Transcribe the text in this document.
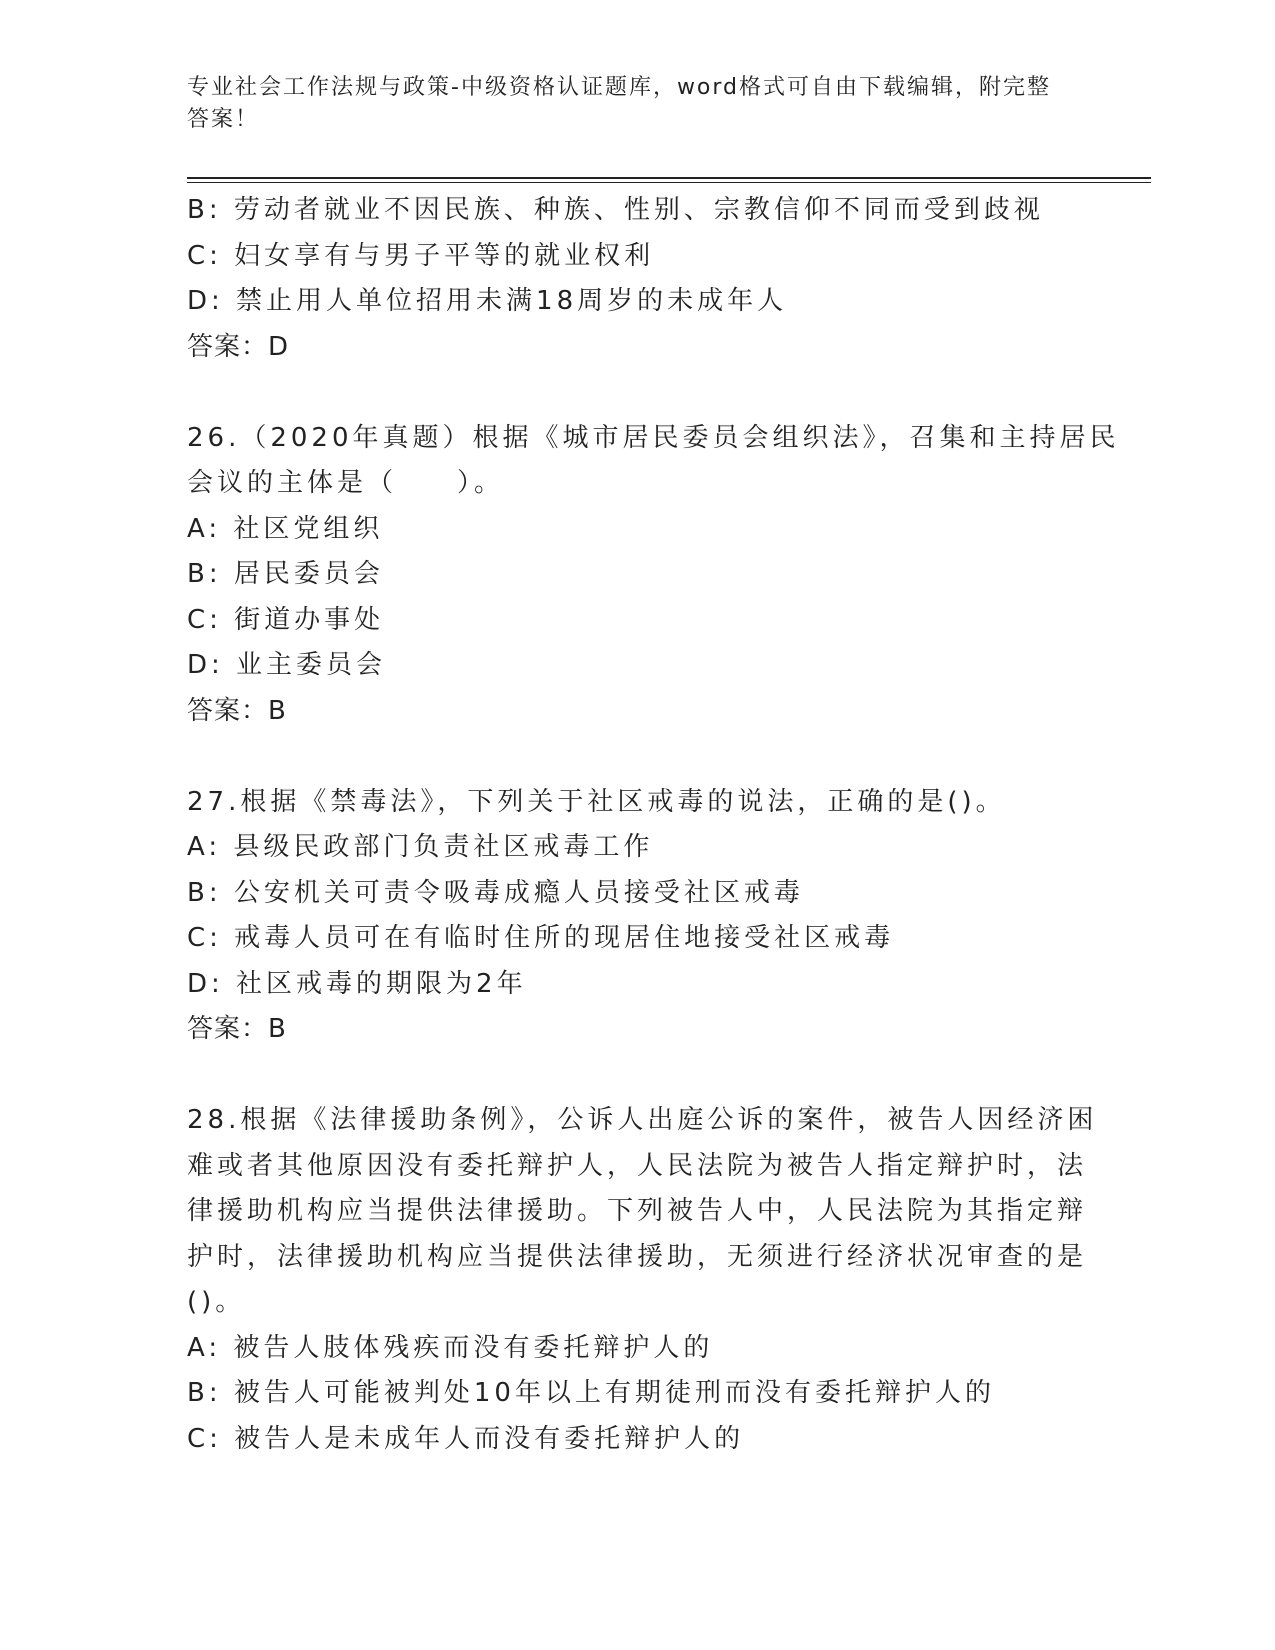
专业社会工作法规与政策-中级资格认证题库，word格式可自由下载编辑，附完整
答案！
B: 劳动者就业不因民族、种族、性别、宗教信仰不同而受到歧视
C: 妇女享有与男子平等的就业权利
D: 禁止用人单位招用未满18周岁的未成年人
答案：D
26.（2020年真题）根据《城市居民委员会组织法》，召集和主持居民
会议的主体是（　　）。
A: 社区党组织
B: 居民委员会
C: 街道办事处
D: 业主委员会
答案：B
27.根据《禁毒法》，下列关于社区戒毒的说法，正确的是()。
A: 县级民政部门负责社区戒毒工作
B: 公安机关可责令吸毒成瘾人员接受社区戒毒
C: 戒毒人员可在有临时住所的现居住地接受社区戒毒
D: 社区戒毒的期限为2年
答案：B
28.根据《法律援助条例》，公诉人出庭公诉的案件，被告人因经济困
难或者其他原因没有委托辩护人，人民法院为被告人指定辩护时，法
律援助机构应当提供法律援助。下列被告人中，人民法院为其指定辩
护时，法律援助机构应当提供法律援助，无须进行经济状况审查的是
()。
A: 被告人肢体残疾而没有委托辩护人的
B: 被告人可能被判处10年以上有期徒刑而没有委托辩护人的
C: 被告人是未成年人而没有委托辩护人的
